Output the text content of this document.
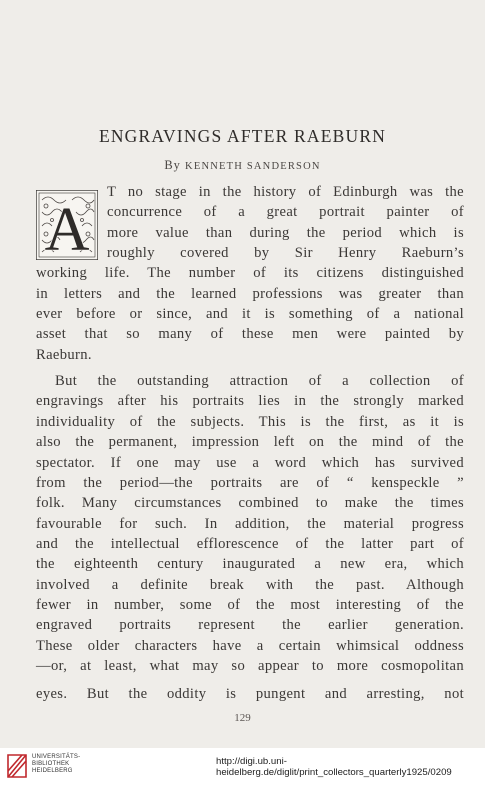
ENGRAVINGS AFTER RAEBURN
By KENNETH SANDERSON
A
T no stage in the history of Edinburgh was the
concurrence of a great portrait painter of
more value than during the period which is
roughly covered by Sir Henry Raeburn’s
working life. The number of its citizens distinguished
in letters and the learned professions was greater than
ever before or since, and it is something of a national
asset that so many of these men were painted by
Raeburn.
But the outstanding attraction of a collection of
engravings after his portraits lies in the strongly marked
individuality of the subjects. This is the first, as it is
also the permanent, impression left on the mind of the
spectator. If one may use a word which has survived
from the period—the portraits are of “ kenspeckle ”
folk. Many circumstances combined to make the times
favourable for such. In addition, the material progress
and the intellectual efflorescence of the latter part of
the eighteenth century inaugurated a new era, which
involved a definite break with the past. Although
fewer in number, some of the most interesting of the
engraved portraits represent the earlier generation.
These older characters have a certain whimsical oddness
—or, at least, what may so appear to more cosmopolitan
eyes. But the oddity is pungent and arresting, not
129
UNIVERSITÄTS-
BIBLIOTHEK
HEIDELBERG
http://digi.ub.uni-heidelberg.de/diglit/print_collectors_quarterly1925/0209
